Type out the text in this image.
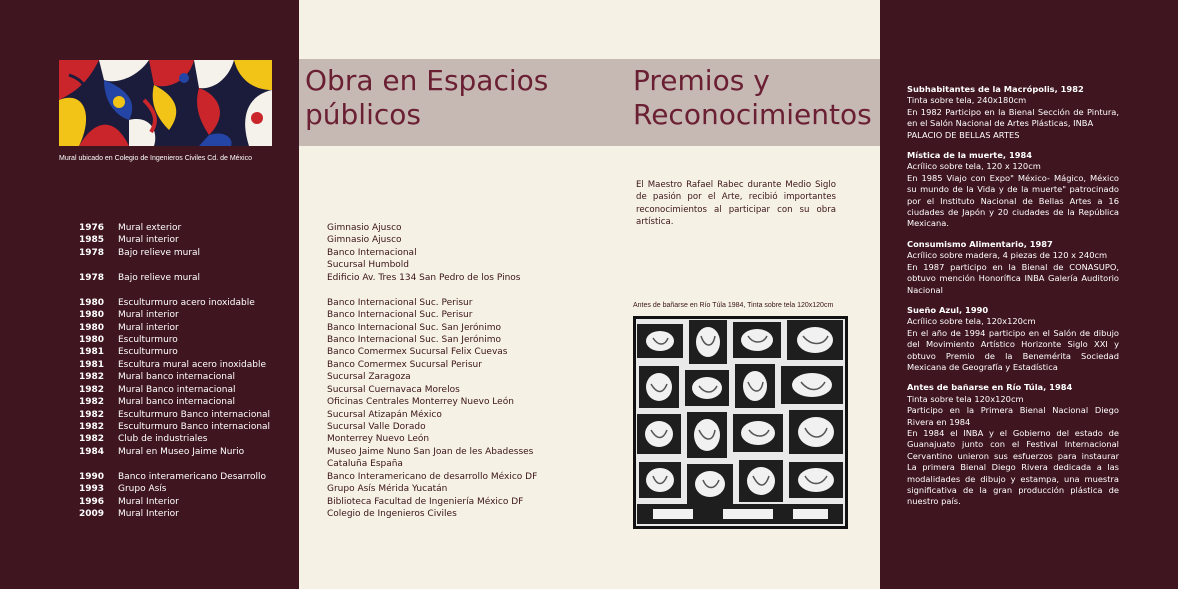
Mural ubicado en Colegio de Ingenieros Civiles Cd. de México
Obra en Espacios públicos
Premios y Reconocimientos
1976
1985
1978
1978
1980
1980
1980
1980
1981
1981
1982
1982
1982
1982
1982
1982
1984
1990
1993
1996
2009
Mural exterior
Mural interior
Bajo relieve mural
Bajo relieve mural
Esculturmuro acero inoxidable
Mural interior
Mural interior
Esculturmuro
Esculturmuro
Escultura mural acero inoxidable
Mural banco internacional
Mural Banco internacional
Mural banco internacional
Esculturmuro Banco internacional
Esculturmuro Banco internacional
Club de industriales
Mural en Museo Jaime Nurio
Banco interamericano Desarrollo
Grupo Asís
Mural Interior
Mural Interior
Gimnasio Ajusco
Gimnasio Ajusco
Banco Internacional
Sucursal Humbold
Edificio Av. Tres 134 San Pedro de los Pinos
Banco Internacional Suc. Perisur
Banco Internacional Suc. Perisur
Banco Internacional Suc. San Jerónimo
Banco Internacional Suc. San Jerónimo
Banco Comermex Sucursal Felix Cuevas
Banco Comermex Sucursal Perisur
Sucursal Zaragoza
Sucursal Cuernavaca Morelos
Oficinas Centrales Monterrey Nuevo León
Sucursal Atizapán México
Sucursal Valle Dorado
Monterrey Nuevo León
Museo Jaime Nuno San Joan de les Abadesses
Cataluña España
Banco Interamericano de desarrollo México DF
Grupo Asís Mérida Yucatán
Biblioteca Facultad de Ingeniería México DF
Colegio de Ingenieros Civiles

El Maestro Rafael Rabec durante Medio Siglo de pasión por el Arte, recibió importantes reconocimientos al participar con su obra artística.

Antes de bañarse en Río Túla 1984, Tinta sobre tela 120x120cm

Subhabitantes de la Macrópolis, 1982

Tinta sobre tela, 240x180cm

En 1982 Participo en la Bienal Sección de Pintura, en el Salón Nacional de Artes Plásticas, INBA

PALACIO DE BELLAS ARTES

Mística de la muerte, 1984

Acrílico sobre tela, 120 x 120cm

En 1985 Viajo con Expo" México- Mágico, México su mundo de la Vida y de la muerte" patrocinado por el Instituto Nacional de Bellas Artes a 16 ciudades de Japón y 20 ciudades de la República Mexicana.

Consumismo Alimentario, 1987

Acrílico sobre madera, 4 piezas de 120 x 240cm

En 1987 participo en la Bienal de CONASUPO, obtuvo mención Honorífica INBA Galería Auditorio Nacional

Sueño Azul, 1990

Acrílico sobre tela, 120x120cm

En el año de 1994 participo en el Salón de dibujo del Movimiento Artístico Horizonte Siglo XXI y obtuvo Premio de la Benemérita Sociedad Mexicana de Geografía y Estadística

Antes de bañarse en Río Túla, 1984

Tinta sobre tela 120x120cm

Participo en la Primera Bienal Nacional Diego Rivera en 1984

En 1984 el INBA y el Gobierno del estado de Guanajuato junto con el Festival Internacional Cervantino unieron sus esfuerzos para instaurar La primera Bienal Diego Rivera dedicada a las modalidades de dibujo y estampa, una muestra significativa de la gran producción plástica de nuestro país.
